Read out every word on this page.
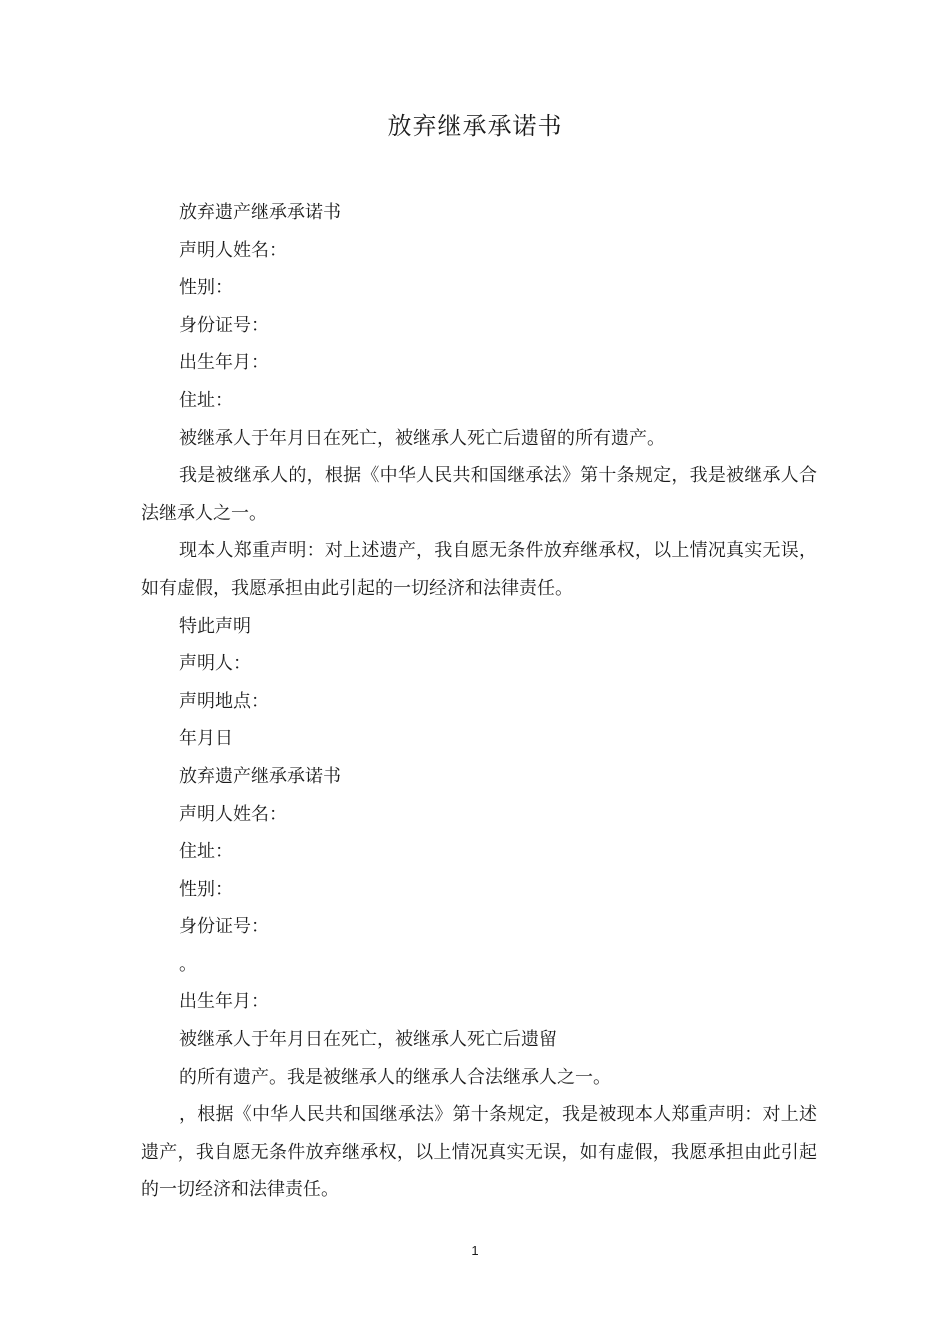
放弃继承承诺书

放弃遗产继承承诺书

声明人姓名：

性别：

身份证号：

出生年月：

住址：

被继承人于年月日在死亡，被继承人死亡后遗留的所有遗产。

我是被继承人的，根据《中华人民共和国继承法》第十条规定，我是被继承人合法继承人之一。

现本人郑重声明：对上述遗产，我自愿无条件放弃继承权，以上情况真实无误，如有虚假，我愿承担由此引起的一切经济和法律责任。

特此声明

声明人：

声明地点：

年月日

放弃遗产继承承诺书

声明人姓名：

住址：

性别：

身份证号：

。

出生年月：

被继承人于年月日在死亡，被继承人死亡后遗留

的所有遗产。我是被继承人的继承人合法继承人之一。

，根据《中华人民共和国继承法》第十条规定，我是被现本人郑重声明：对上述遗产，我自愿无条件放弃继承权，以上情况真实无误，如有虚假，我愿承担由此引起的一切经济和法律责任。

1
